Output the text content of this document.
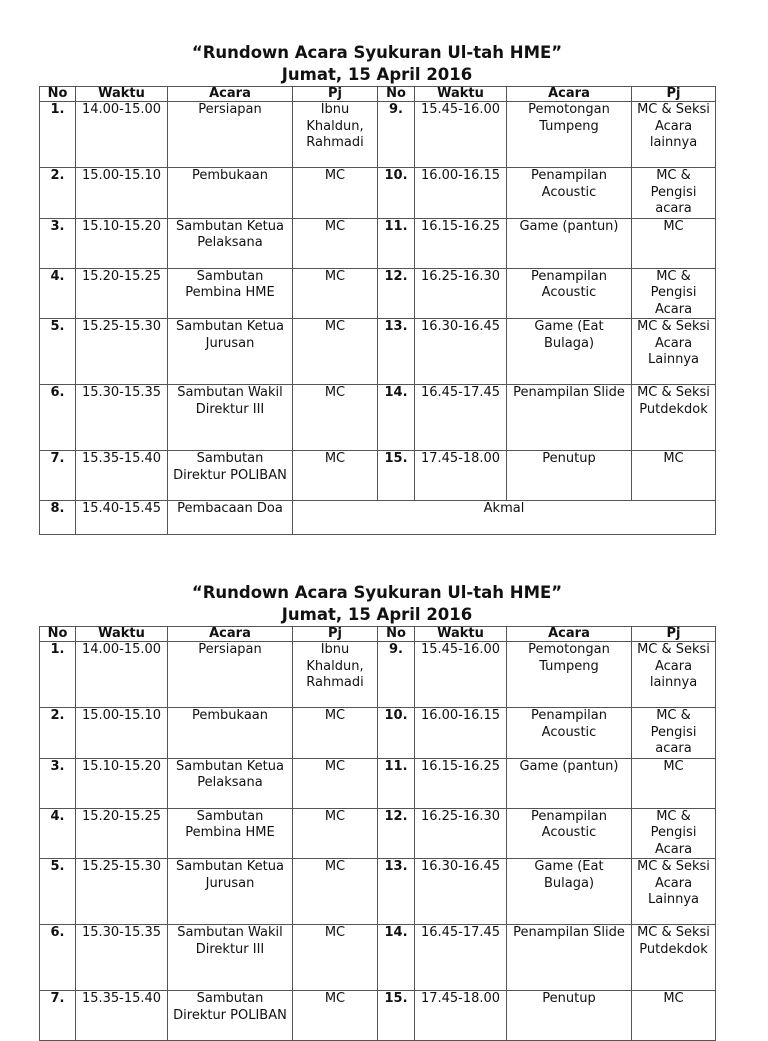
“Rundown Acara Syukuran Ul-tah HME”
Jumat, 15 April 2016
No	Waktu	Acara	Pj	No	Waktu	Acara	Pj
1.	14.00-15.00	Persiapan	Ibnu Khaldun, Rahmadi	9.	15.45-16.00	Pemotongan Tumpeng	MC & Seksi Acara lainnya
2.	15.00-15.10	Pembukaan	MC	10.	16.00-16.15	Penampilan Acoustic	MC & Pengisi acara
3.	15.10-15.20	Sambutan Ketua Pelaksana	MC	11.	16.15-16.25	Game (pantun)	MC
4.	15.20-15.25	Sambutan Pembina HME	MC	12.	16.25-16.30	Penampilan Acoustic	MC & Pengisi Acara
5.	15.25-15.30	Sambutan Ketua Jurusan	MC	13.	16.30-16.45	Game (Eat Bulaga)	MC & Seksi Acara Lainnya
6.	15.30-15.35	Sambutan Wakil Direktur III	MC	14.	16.45-17.45	Penampilan Slide	MC & Seksi Putdekdok
7.	15.35-15.40	Sambutan Direktur POLIBAN	MC	15.	17.45-18.00	Penutup	MC
8.	15.40-15.45	Pembacaan Doa	Akmal				
“Rundown Acara Syukuran Ul-tah HME”
Jumat, 15 April 2016
No	Waktu	Acara	Pj	No	Waktu	Acara	Pj
1.	14.00-15.00	Persiapan	Ibnu Khaldun, Rahmadi	9.	15.45-16.00	Pemotongan Tumpeng	MC & Seksi Acara lainnya
2.	15.00-15.10	Pembukaan	MC	10.	16.00-16.15	Penampilan Acoustic	MC & Pengisi acara
3.	15.10-15.20	Sambutan Ketua Pelaksana	MC	11.	16.15-16.25	Game (pantun)	MC
4.	15.20-15.25	Sambutan Pembina HME	MC	12.	16.25-16.30	Penampilan Acoustic	MC & Pengisi Acara
5.	15.25-15.30	Sambutan Ketua Jurusan	MC	13.	16.30-16.45	Game (Eat Bulaga)	MC & Seksi Acara Lainnya
6.	15.30-15.35	Sambutan Wakil Direktur III	MC	14.	16.45-17.45	Penampilan Slide	MC & Seksi Putdekdok
7.	15.35-15.40	Sambutan Direktur POLIBAN	MC	15.	17.45-18.00	Penutup	MC
